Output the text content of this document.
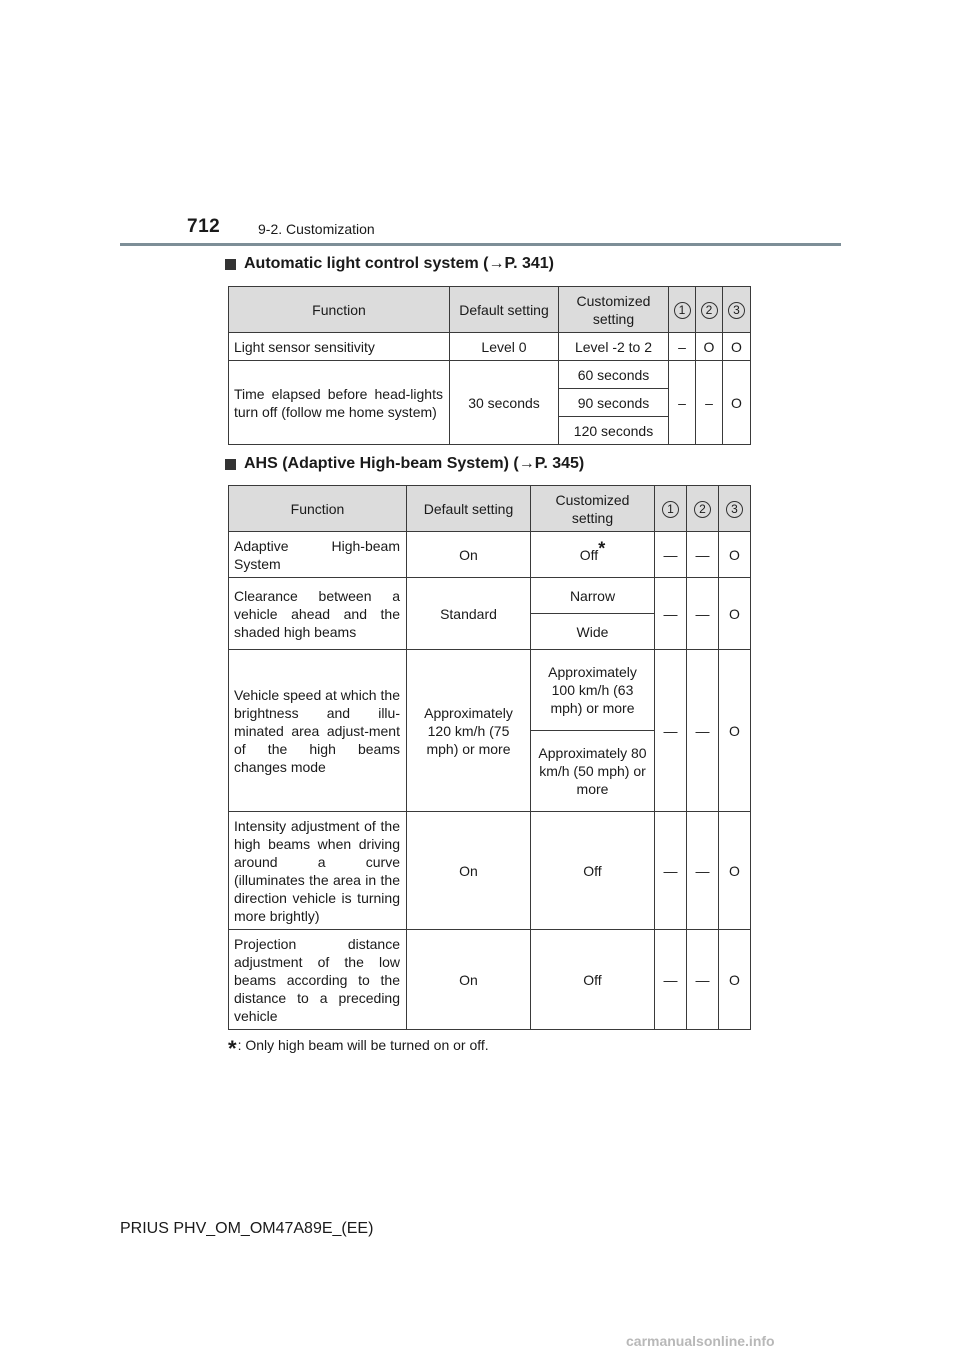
712	9-2. Customization
Automatic light control system (→P. 341)
Function	Default setting	Customized setting	1	2	3
Light sensor sensitivity	Level 0	Level -2 to 2	–	O	O
Time elapsed before head-lights turn off (follow me home system)	30 seconds	60 seconds	–	–	O
		90 seconds			
		120 seconds			
AHS (Adaptive High-beam System) (→P. 345)
Function	Default setting	Customized setting	1	2	3
Adaptive High-beam System	On	Off*	—	—	O
Clearance between a vehicle ahead and the shaded high beams	Standard	Narrow	—	—	O
		Wide			
Vehicle speed at which the brightness and illu-minated area adjust-ment of the high beams changes mode	Approximately 120 km/h (75 mph) or more	Approximately 100 km/h (63 mph) or more	—	—	O
		Approximately 80 km/h (50 mph) or more			
Intensity adjustment of the high beams when driving around a curve (illuminates the area in the direction vehicle is turning more brightly)	On	Off	—	—	O
Projection distance adjustment of the low beams according to the distance to a preceding vehicle	On	Off	—	—	O
*: Only high beam will be turned on or off.
PRIUS PHV_OM_OM47A89E_(EE)
carmanualsonline.info
